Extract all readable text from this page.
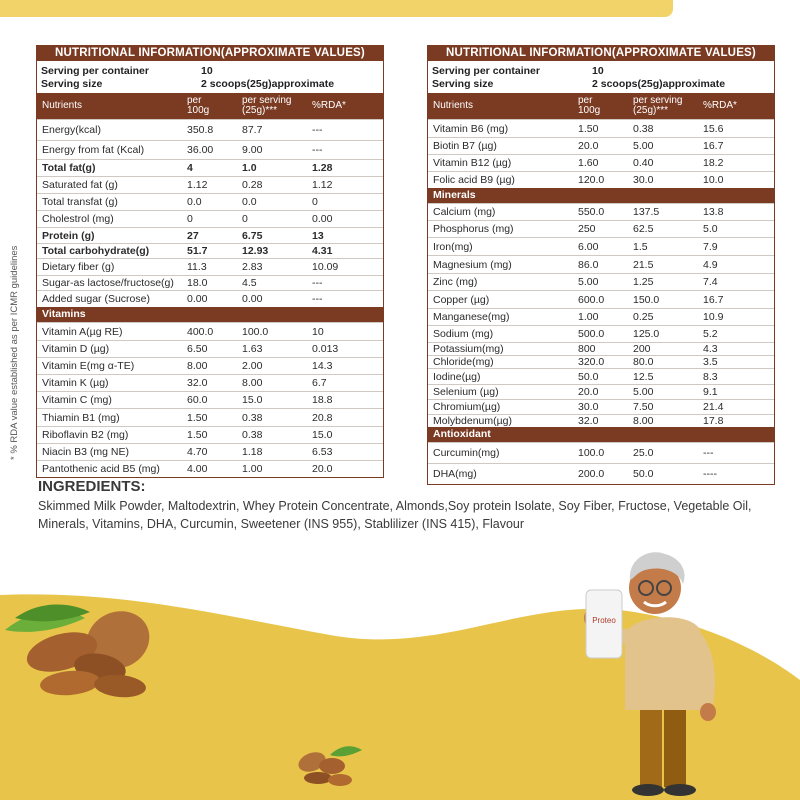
* % RDA value established as per ICMR guidelines
NUTRITIONAL INFORMATION(APPROXIMATE VALUES)
Serving per container	10
Serving size	2 scoops(25g)approximate
Nutrients	per
100g
per serving
(25g)***	%RDA*
Energy(kcal)	350.8	87.7	---
Energy from fat (Kcal)	36.00	9.00	---
Total fat(g)	4	1.0	1.28
Saturated fat (g)	1.12	0.28	1.12
Total transfat (g)	0.0	0.0	0
Cholestrol (mg)	0	0	0.00
Protein (g)	27	6.75	13
Total carbohydrate(g)	51.7	12.93	4.31
Dietary fiber (g)	11.3	2.83	10.09
Sugar-as lactose/fructose(g)	18.0	4.5	---
Added sugar (Sucrose)	0.00	0.00	---
Vitamins
Vitamin A(µg RE)	400.0	100.0	10
Vitamin D (µg)	6.50	1.63	0.013
Vitamin E(mg α-TE)	8.00	2.00	14.3
Vitamin K (µg)	32.0	8.00	6.7
Vitamin C (mg)	60.0	15.0	18.8
Thiamin B1 (mg)	1.50	0.38	20.8
Riboflavin B2 (mg)	1.50	0.38	15.0
Niacin B3 (mg NE)	4.70	1.18	6.53
Pantothenic acid B5 (mg)	4.00	1.00	20.0
NUTRITIONAL INFORMATION(APPROXIMATE VALUES)
Serving per container	10
Serving size	2 scoops(25g)approximate
Nutrients	per
100g
per serving
(25g)***	%RDA*
Vitamin B6 (mg)	1.50	0.38	15.6
Biotin B7 (µg)	20.0	5.00	16.7
Vitamin B12 (µg)	1.60	0.40	18.2
Folic acid B9 (µg)	120.0	30.0	10.0
Minerals
Calcium (mg)	550.0	137.5	13.8
Phosphorus (mg)	250	62.5	5.0
Iron(mg)	6.00	1.5	7.9
Magnesium (mg)	86.0	21.5	4.9
Zinc (mg)	5.00	1.25	7.4
Copper (µg)	600.0	150.0	16.7
Manganese(mg)	1.00	0.25	10.9
Sodium (mg)	500.0	125.0	5.2
Potassium(mg)	800	200	4.3
Chloride(mg)	320.0	80.0	3.5
Iodine(µg)	50.0	12.5	8.3
Selenium (µg)	20.0	5.00	9.1
Chromium(µg)	30.0	7.50	21.4
Molybdenum(µg)	32.0	8.00	17.8
Antioxidant
Curcumin(mg)	100.0	25.0	---
DHA(mg)	200.0	50.0	----
INGREDIENTS:
Skimmed Milk Powder, Maltodextrin, Whey Protein Concentrate, Almonds,Soy protein Isolate, Soy Fiber, Fructose, Vegetable Oil, Minerals, Vitamins, DHA, Curcumin, Sweetener (INS 955), Stablilizer (INS 415), Flavour
Proteo
